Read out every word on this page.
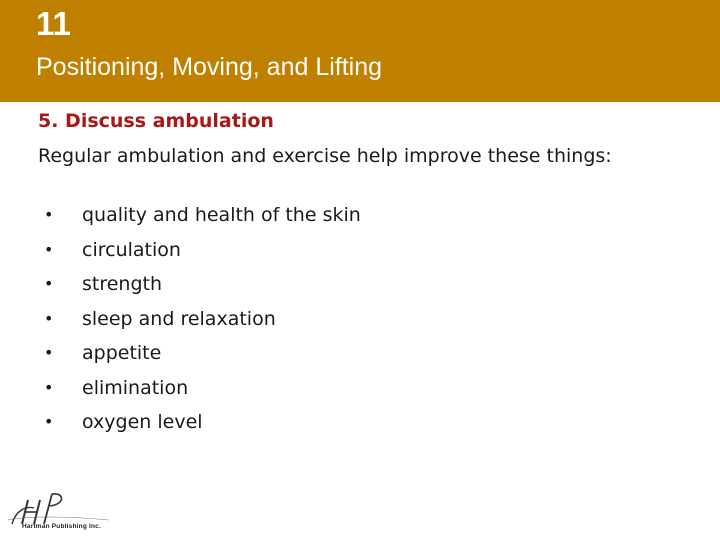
11
Positioning, Moving, and Lifting
5. Discuss ambulation
Regular ambulation and exercise help improve these things:
• quality and health of the skin
• circulation
• strength
• sleep and relaxation
• appetite
• elimination
• oxygen level
Hartman Publishing Inc.
